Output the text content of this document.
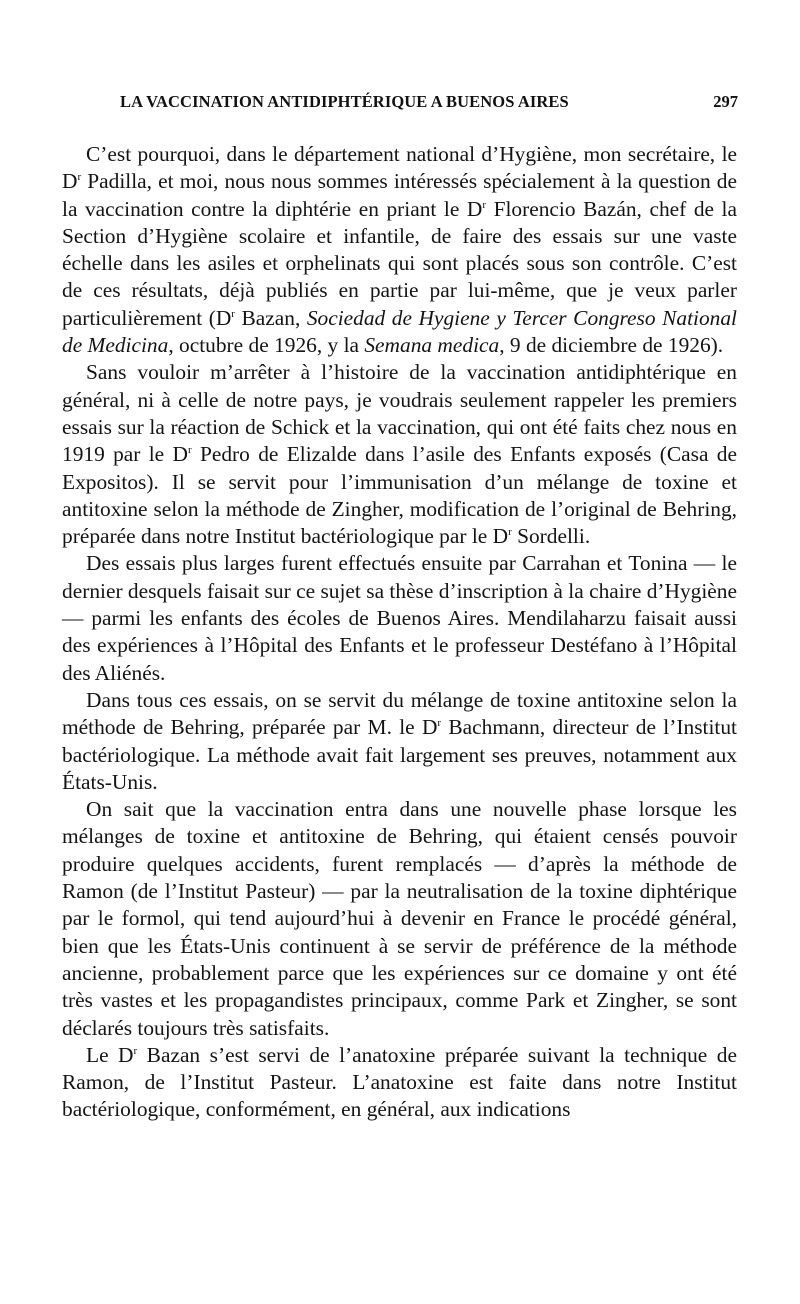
LA VACCINATION ANTIDIPHTÉRIQUE A BUENOS AIRES	297

C’est pourquoi, dans le département national d’Hygiène, mon secrétaire, le $D^r$ Padilla, et moi, nous nous sommes intéressés spécialement à la question de la vaccination contre la diphtérie en priant le $D^r$ Florencio Bazán, chef de la Section d’Hygiène scolaire et infantile, de faire des essais sur une vaste échelle dans les asiles et orphelinats qui sont placés sous son contrôle. C’est de ces résultats, déjà publiés en partie par lui-même, que je veux parler particulièrement ($D^r$ Bazan, Sociedad de Hygiene y Tercer Congreso National de Medicina, octubre de 1926, y la Semana medica, 9 de diciembre de 1926).

Sans vouloir m’arrêter à l’histoire de la vaccination antidiphtérique en général, ni à celle de notre pays, je voudrais seulement rappeler les premiers essais sur la réaction de Schick et la vaccination, qui ont été faits chez nous en 1919 par le $D^r$ Pedro de Elizalde dans l’asile des Enfants exposés (Casa de Expositos). Il se servit pour l’immunisation d’un mélange de toxine et antitoxine selon la méthode de Zingher, modification de l’original de Behring, préparée dans notre Institut bactériologique par le $D^r$ Sordelli.

Des essais plus larges furent effectués ensuite par Carrahan et Tonina — le dernier desquels faisait sur ce sujet sa thèse d’inscription à la chaire d’Hygiène — parmi les enfants des écoles de Buenos Aires. Mendilaharzu faisait aussi des expériences à l’Hôpital des Enfants et le professeur Destéfano à l’Hôpital des Aliénés.

Dans tous ces essais, on se servit du mélange de toxine antitoxine selon la méthode de Behring, préparée par M. le $D^r$ Bachmann, directeur de l’Institut bactériologique. La méthode avait fait largement ses preuves, notamment aux États-Unis.

On sait que la vaccination entra dans une nouvelle phase lorsque les mélanges de toxine et antitoxine de Behring, qui étaient censés pouvoir produire quelques accidents, furent remplacés — d’après la méthode de Ramon (de l’Institut Pasteur) — par la neutralisation de la toxine diphtérique par le formol, qui tend aujourd’hui à devenir en France le procédé général, bien que les États-Unis continuent à se servir de préférence de la méthode ancienne, probablement parce que les expériences sur ce domaine y ont été très vastes et les propagandistes principaux, comme Park et Zingher, se sont déclarés toujours très satisfaits.

Le $D^r$ Bazan s’est servi de l’anatoxine préparée suivant la technique de Ramon, de l’Institut Pasteur. L’anatoxine est faite dans notre Institut bactériologique, conformément, en général, aux indications
